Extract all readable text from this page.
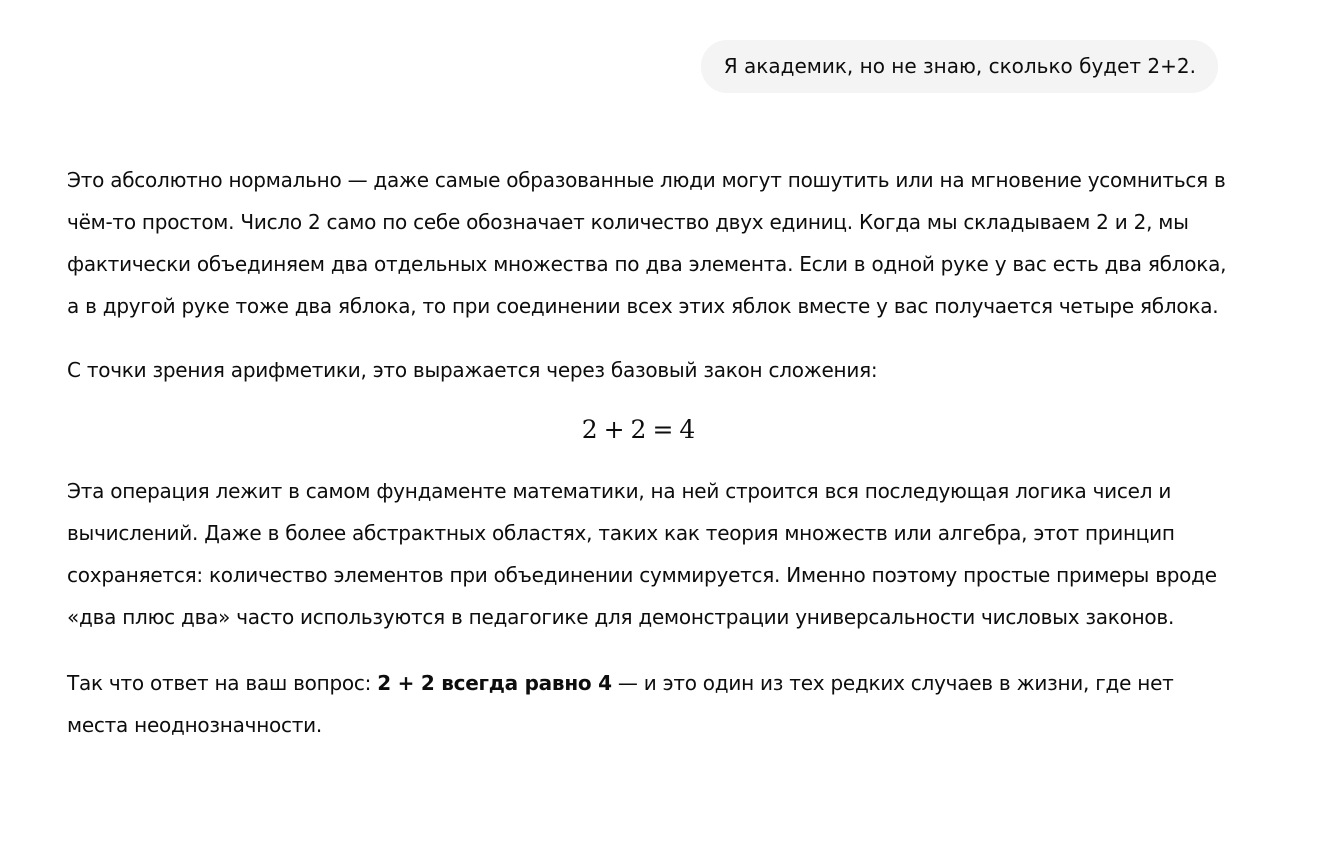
Я академик, но не знаю, сколько будет 2+2.

Это абсолютно нормально — даже самые образованные люди могут пошутить или на мгновение усомниться в чём-то простом. Число 2 само по себе обозначает количество двух единиц. Когда мы складываем 2 и 2, мы фактически объединяем два отдельных множества по два элемента. Если в одной руке у вас есть два яблока, а в другой руке тоже два яблока, то при соединении всех этих яблок вместе у вас получается четыре яблока.

С точки зрения арифметики, это выражается через базовый закон сложения:

2 + 2 = 4

Эта операция лежит в самом фундаменте математики, на ней строится вся последующая логика чисел и вычислений. Даже в более абстрактных областях, таких как теория множеств или алгебра, этот принцип сохраняется: количество элементов при объединении суммируется. Именно поэтому простые примеры вроде «два плюс два» часто используются в педагогике для демонстрации универсальности числовых законов.

Так что ответ на ваш вопрос: 2 + 2 всегда равно 4 — и это один из тех редких случаев в жизни, где нет места неоднозначности.
